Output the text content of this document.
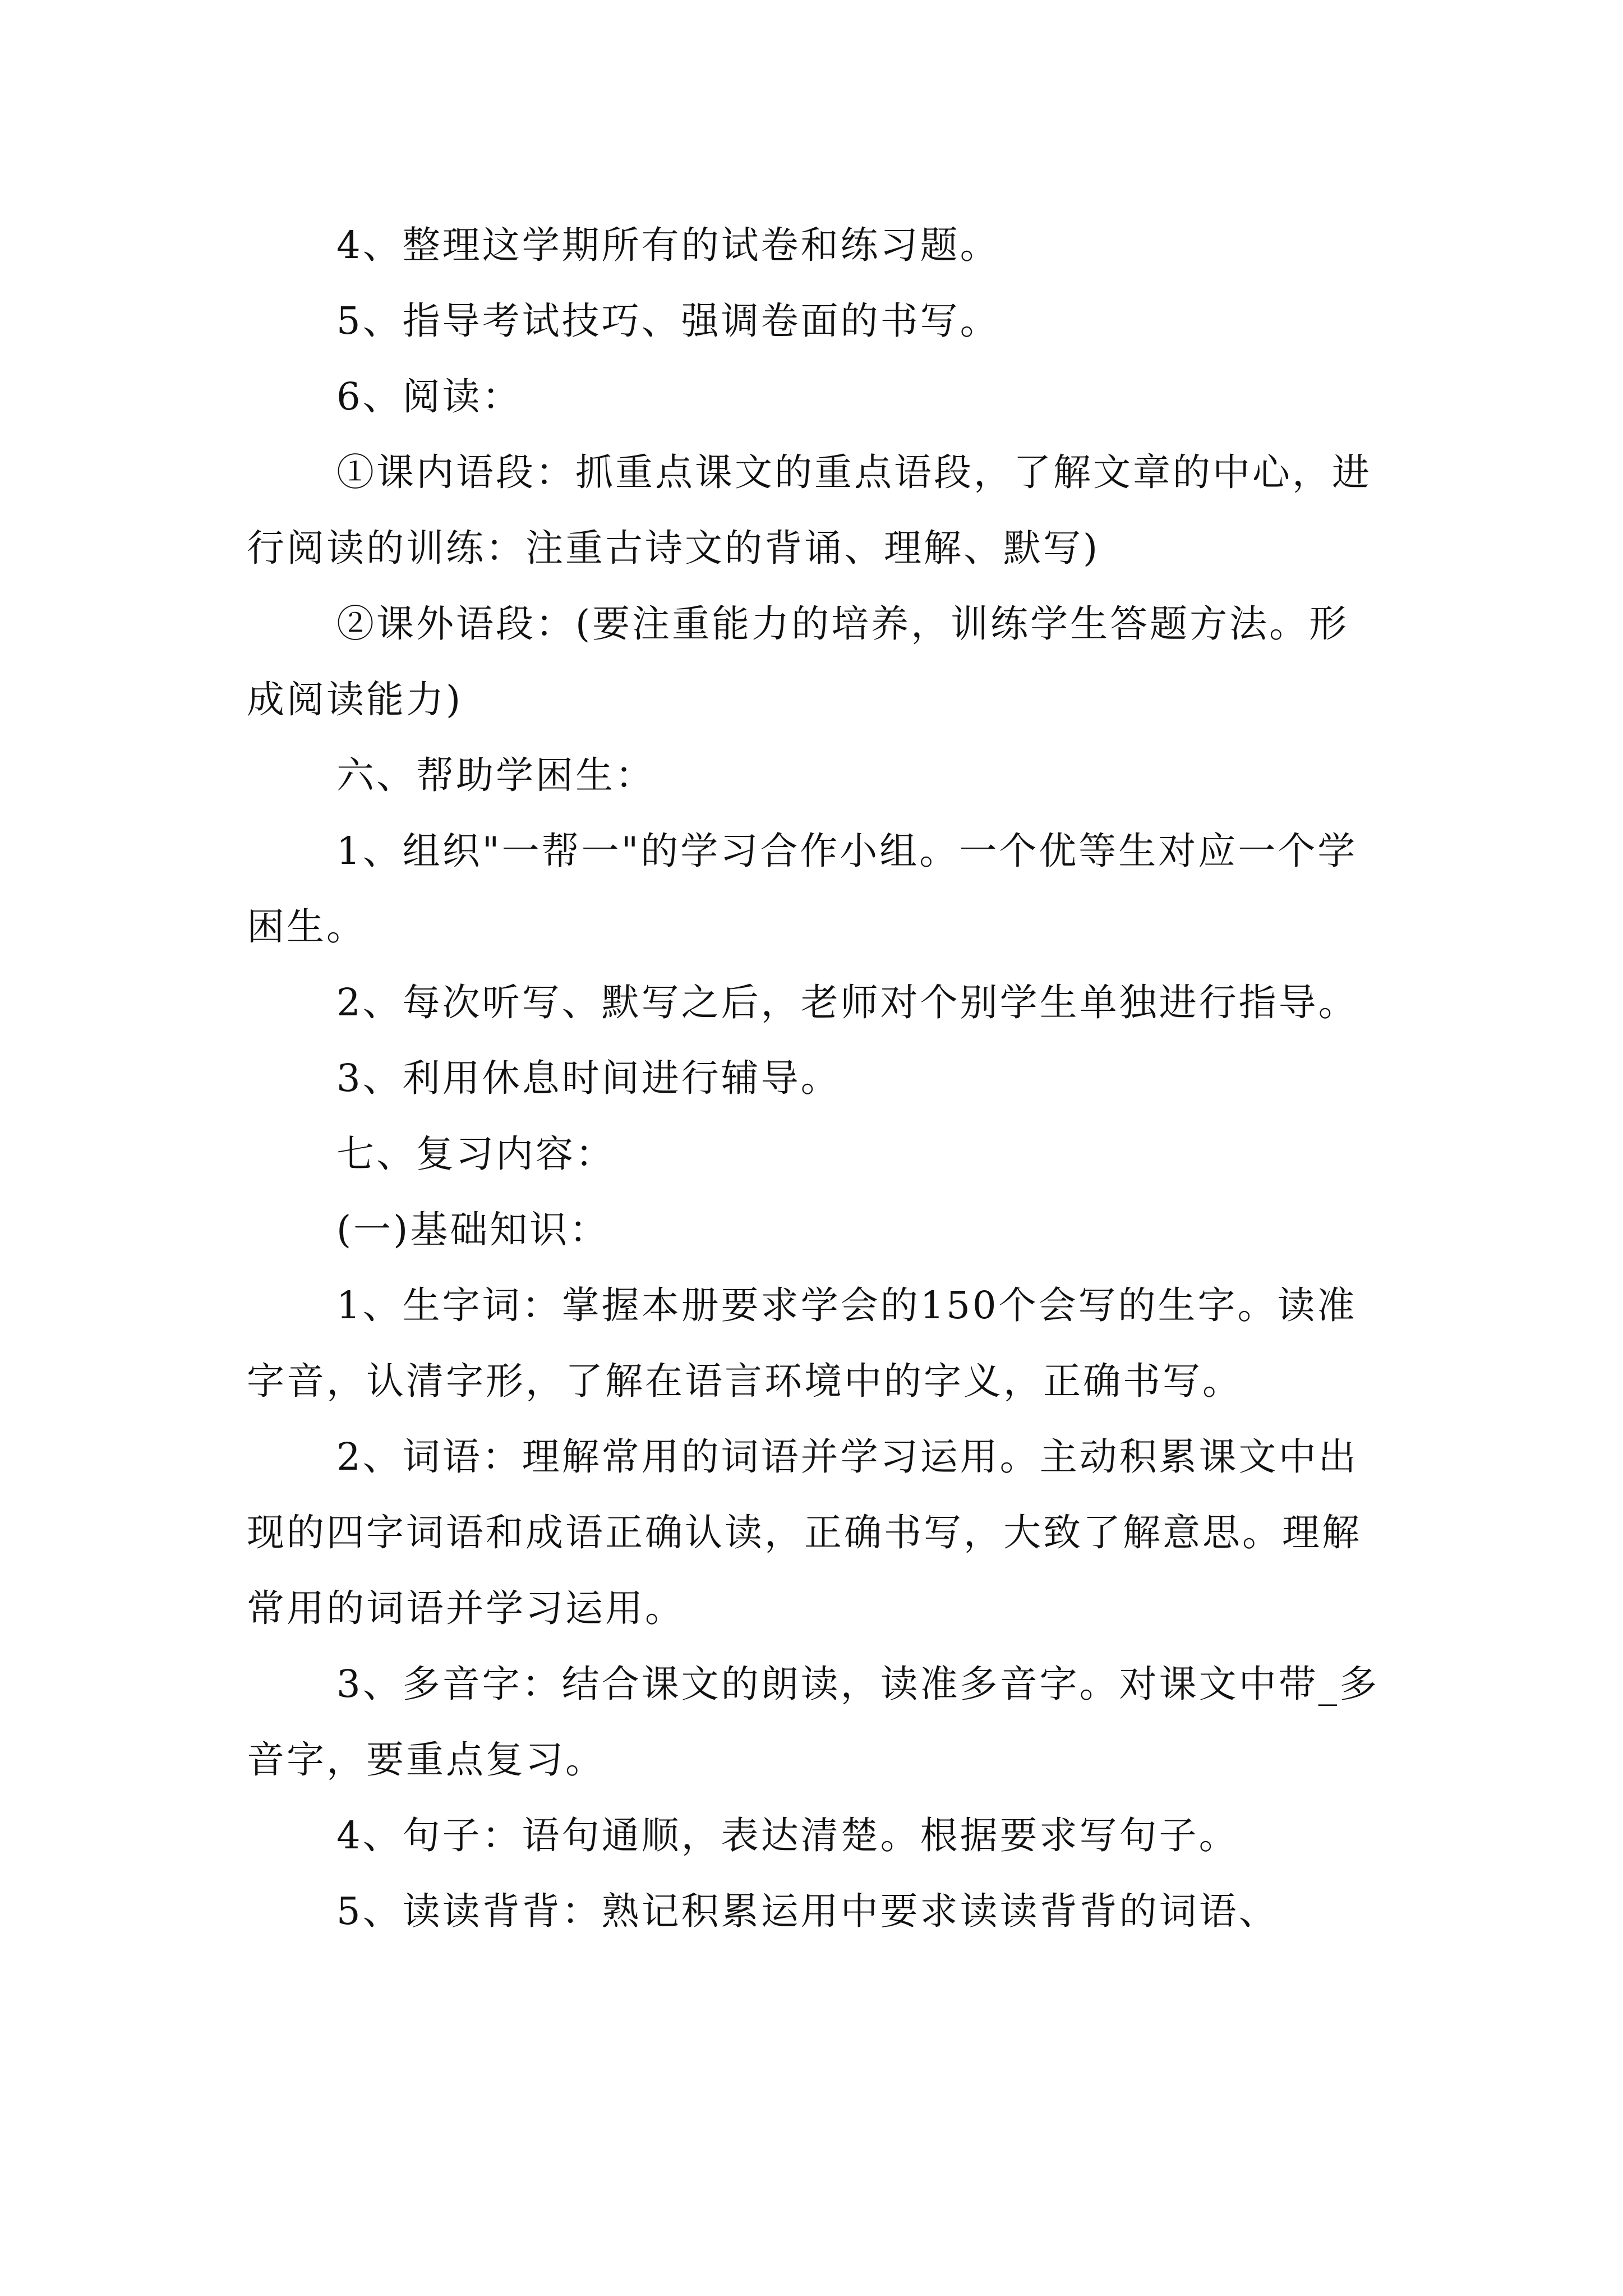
4、整理这学期所有的试卷和练习题。

5、指导考试技巧、强调卷面的书写。

6、阅读：

①课内语段：抓重点课文的重点语段，了解文章的中心，进行阅读的训练：注重古诗文的背诵、理解、默写)

②课外语段：(要注重能力的培养，训练学生答题方法。形成阅读能力)

六、帮助学困生：

1、组织"一帮一"的学习合作小组。一个优等生对应一个学困生。

2、每次听写、默写之后，老师对个别学生单独进行指导。

3、利用休息时间进行辅导。

七、复习内容：

(一)基础知识：

1、生字词：掌握本册要求学会的150个会写的生字。读准字音，认清字形，了解在语言环境中的字义，正确书写。

2、词语：理解常用的词语并学习运用。主动积累课文中出现的四字词语和成语正确认读，正确书写，大致了解意思。理解常用的词语并学习运用。

3、多音字：结合课文的朗读，读准多音字。对课文中带_多音字，要重点复习。

4、句子：语句通顺，表达清楚。根据要求写句子。

5、读读背背：熟记积累运用中要求读读背背的词语、
